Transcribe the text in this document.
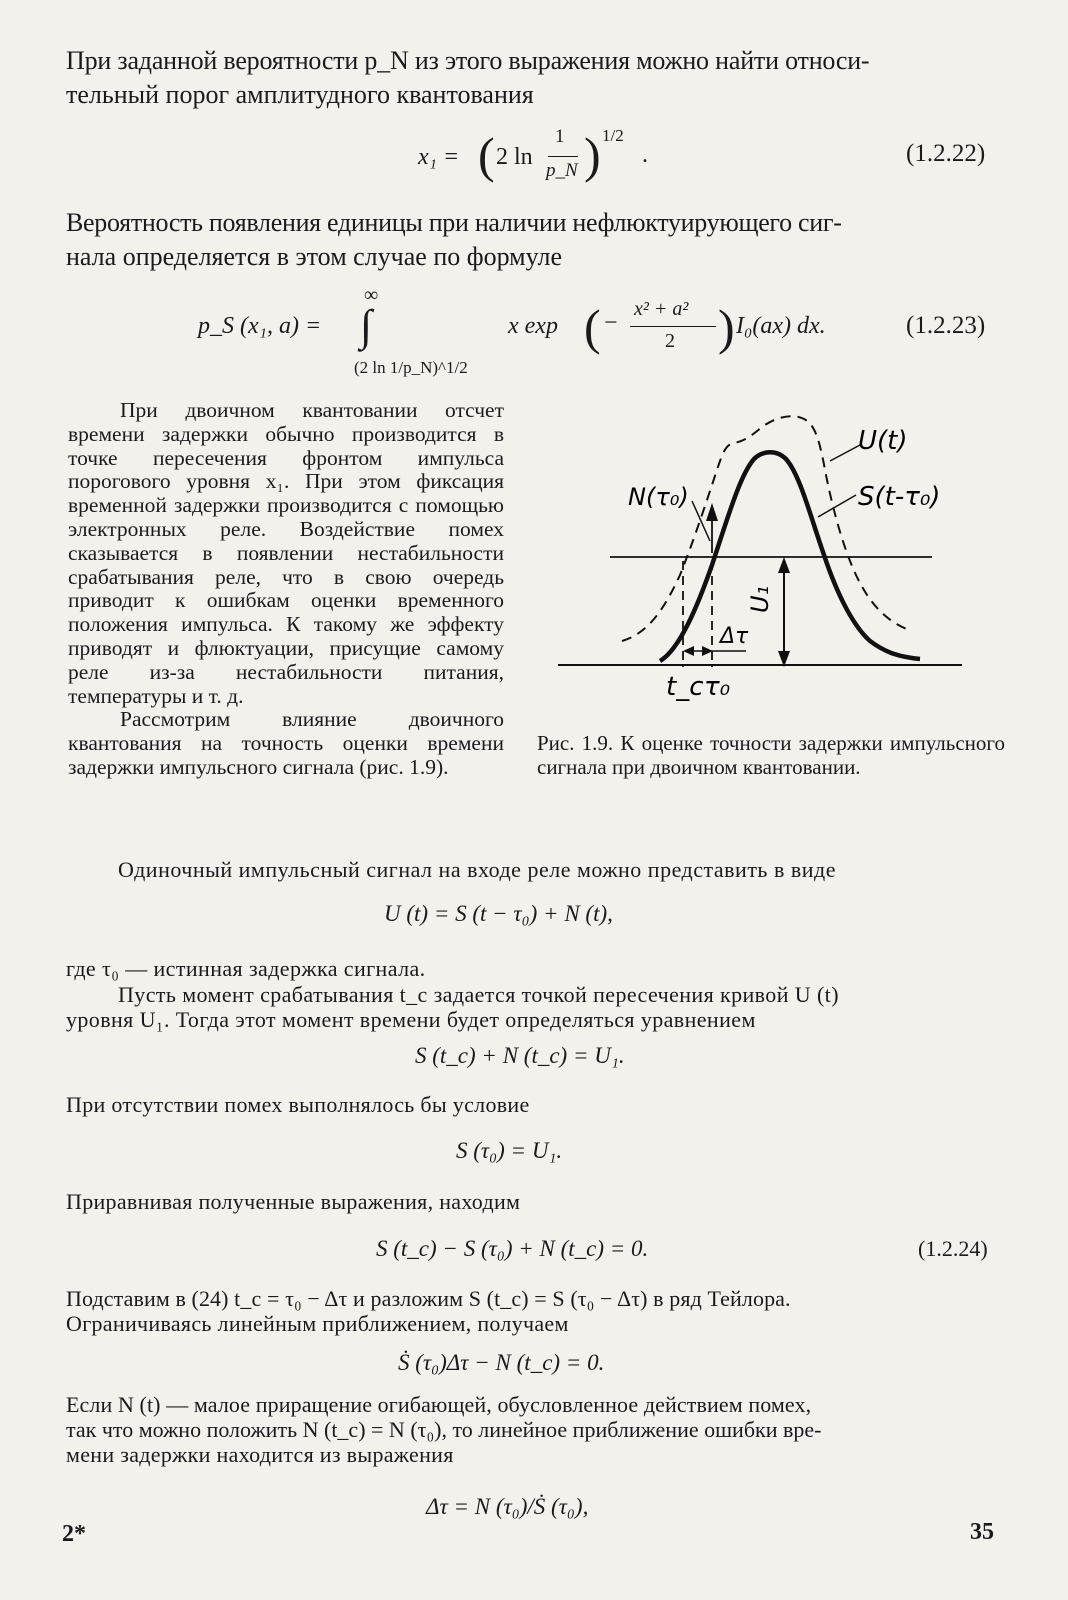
При заданной вероятности p_N из этого выражения можно найти относи-
тельный порог амплитудного квантования

x₁ = ( 2 ln
1
p_N ) 1/2
.	(1.2.22)

Вероятность появления единицы при наличии нефлюктуирующего сиг-
нала определяется в этом случае по формуле

p_S (x₁, a) =
∞
∫
(2 ln 1/p_N)^1/2
x exp ( −
x² + a²
2 ) I₀(ax) dx.	(1.2.23)

При двоичном квантовании отсчет времени задержки обычно производится в точке пересечения фронтом импульса порогового уровня x₁. При этом фиксация временной задержки производится с помощью электронных реле. Воздействие помех сказывается в появлении нестабильности срабатывания реле, что в свою очередь приводит к ошибкам оценки временного положения импульса. К такому же эффекту приводят и флюктуации, присущие самому реле из-за нестабильности питания, температуры и т. д.

Рассмотрим влияние двоичного квантования на точность оценки времени задержки импульсного сигнала (рис. 1.9).

U(t)
S(t-τ₀)
N(τ₀)
U₁
Δτ
t_c τ₀
Рис. 1.9. К оценке точности задержки импульсного сигнала при двоичном квантовании.

Одиночный импульсный сигнал на входе реле можно представить в виде

U (t) = S (t − τ₀) + N (t),

где τ₀ — истинная задержка сигнала.

Пусть момент срабатывания t_c задается точкой пересечения кривой U (t)
уровня U₁. Тогда этот момент времени будет определяться уравнением

S (t_c) + N (t_c) = U₁.

При отсутствии помех выполнялось бы условие

S (τ₀) = U₁.

Приравнивая полученные выражения, находим

S (t_c) − S (τ₀) + N (t_c) = 0.	(1.2.24)

Подставим в (24) t_c = τ₀ − Δτ и разложим S (t_c) = S (τ₀ − Δτ) в ряд Тейлора.
Ограничиваясь линейным приближением, получаем

Ṡ (τ₀)Δτ − N (t_c) = 0.

Если N (t) — малое приращение огибающей, обусловленное действием помех,
так что можно положить N (t_c) = N (τ₀), то линейное приближение ошибки вре-
мени задержки находится из выражения

Δτ = N (τ₀)/Ṡ (τ₀),
2*	35
